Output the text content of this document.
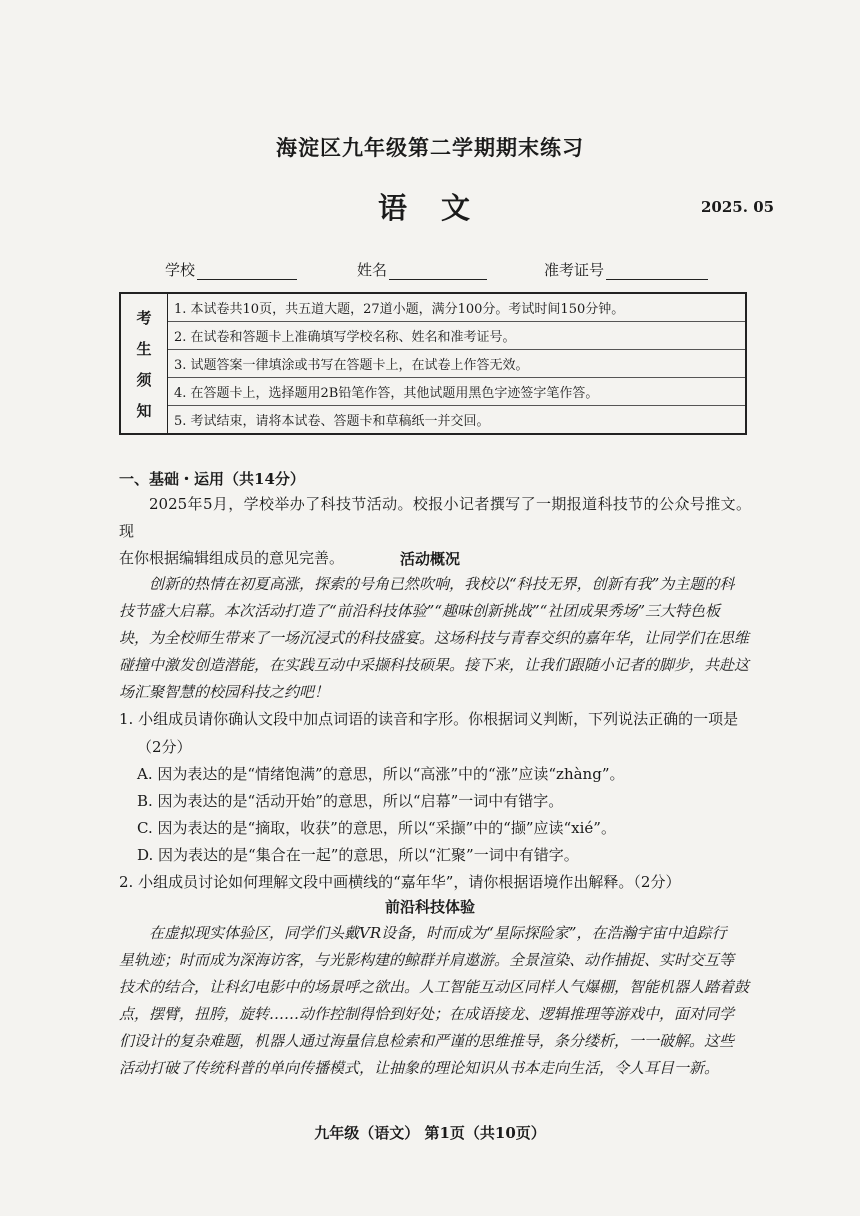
海淀区九年级第二学期期末练习
语 文	2025. 05
学校	姓名	准考证号
考
生
须
知
1. 本试卷共10页，共五道大题，27道小题，满分100分。考试时间150分钟。
2. 在试卷和答题卡上准确填写学校名称、姓名和准考证号。
3. 试题答案一律填涂或书写在答题卡上，在试卷上作答无效。
4. 在答题卡上，选择题用2B铅笔作答，其他试题用黑色字迹签字笔作答。
5. 考试结束，请将本试卷、答题卡和草稿纸一并交回。
一、基础・运用（共14分）
2025年5月，学校举办了科技节活动。校报小记者撰写了一期报道科技节的公众号推文。现
在你根据编辑组成员的意见完善。	活动概况
创新的热情在初夏高涨，探索的号角已然吹响，我校以“科技无界，创新有我”为主题的科
技节盛大启幕。本次活动打造了“前沿科技体验”“趣味创新挑战”“社团成果秀场”三大特色板
块，为全校师生带来了一场沉浸式的科技盛宴。这场科技与青春交织的嘉年华，让同学们在思维
碰撞中激发创造潜能，在实践互动中采撷科技硕果。接下来，让我们跟随小记者的脚步，共赴这
场汇聚智慧的校园科技之约吧！
1. 小组成员请你确认文段中加点词语的读音和字形。你根据词义判断，下列说法正确的一项是
（2分）
A. 因为表达的是“情绪饱满”的意思，所以“高涨”中的“涨”应读“zhàng”。
B. 因为表达的是“活动开始”的意思，所以“启幕”一词中有错字。
C. 因为表达的是“摘取，收获”的意思，所以“采撷”中的“撷”应读“xié”。
D. 因为表达的是“集合在一起”的意思，所以“汇聚”一词中有错字。
2. 小组成员讨论如何理解文段中画横线的“嘉年华”，请你根据语境作出解释。（2分）
前沿科技体验
在虚拟现实体验区，同学们头戴VR设备，时而成为“星际探险家”，在浩瀚宇宙中追踪行
星轨迹；时而成为深海访客，与光影构建的鲸群并肩遨游。全景渲染、动作捕捉、实时交互等
技术的结合，让科幻电影中的场景呼之欲出。人工智能互动区同样人气爆棚，智能机器人踏着鼓
点，摆臂，扭胯，旋转……动作控制得恰到好处；在成语接龙、逻辑推理等游戏中，面对同学
们设计的复杂难题，机器人通过海量信息检索和严谨的思维推导，条分缕析，一一破解。这些
活动打破了传统科普的单向传播模式，让抽象的理论知识从书本走向生活，令人耳目一新。
九年级（语文） 第1页（共10页）
